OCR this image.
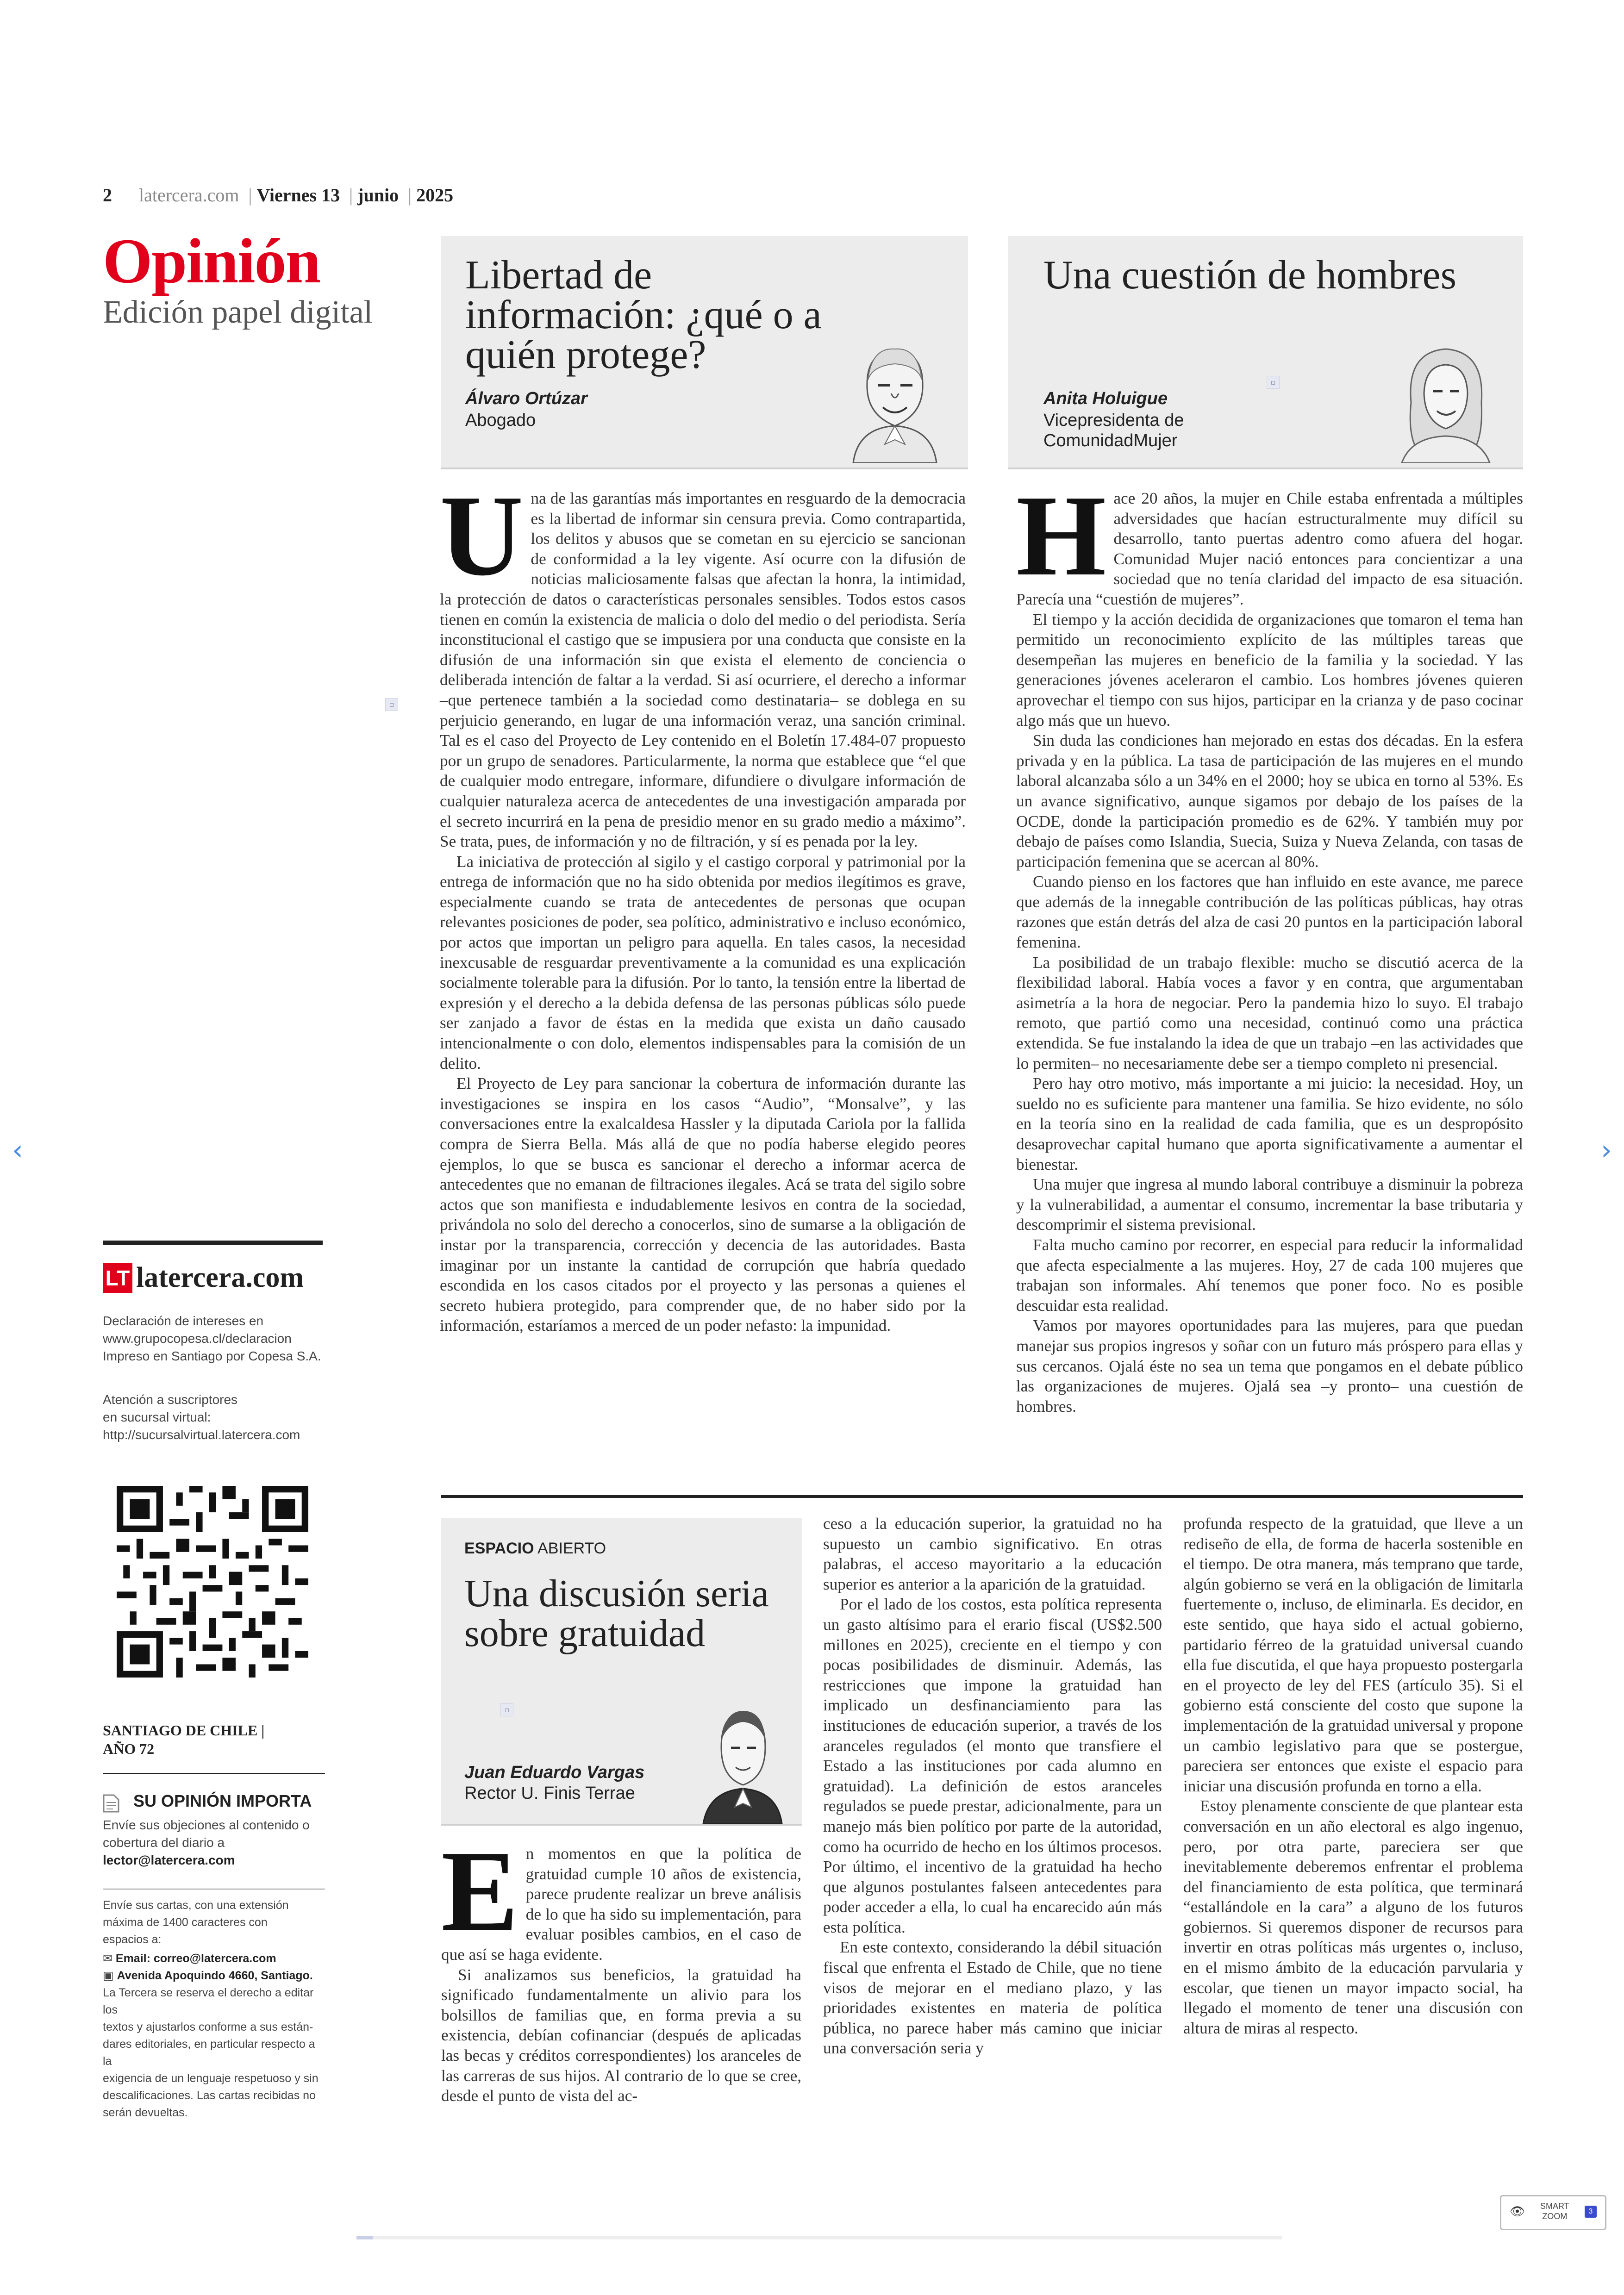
2 latercera.com | Viernes 13 | junio | 2025
Opinión
Edición papel digital
Libertad de información: ¿qué o a quién protege?
Álvaro Ortúzar
Abogado
Una cuestión de hombres
Anita Holuigue
Vicepresidenta de
ComunidadMujer
▫
U na de las garantías más importantes en resguardo de la democracia es la libertad de informar sin censura previa. Como contrapartida, los delitos y abusos que se cometan en su ejercicio se sancionan de conformidad a la ley vigente. Así ocurre con la difusión de noticias maliciosamente falsas que afectan la honra, la intimidad, la protección de datos o características personales sensibles. Todos estos casos tienen en común la existencia de malicia o dolo del medio o del periodista. Sería inconstitucional el castigo que se impusiera por una conducta que consiste en la difusión de una información sin que exista el elemento de conciencia o deliberada intención de faltar a la verdad. Si así ocurriere, el derecho a informar –que pertenece también a la sociedad como destinataria– se doblega en su perjuicio generando, en lugar de una información veraz, una sanción criminal. Tal es el caso del Proyecto de Ley contenido en el Boletín 17.484-07 propuesto por un grupo de senadores. Particularmente, la norma que establece que “el que de cualquier modo entregare, informare, difundiere o divulgare información de cualquier naturaleza acerca de antecedentes de una investigación amparada por el secreto incurrirá en la pena de presidio menor en su grado medio a máximo”. Se trata, pues, de información y no de filtración, y sí es penada por la ley.

La iniciativa de protección al sigilo y el castigo corporal y patrimonial por la entrega de información que no ha sido obtenida por medios ilegítimos es grave, especialmente cuando se trata de antecedentes de personas que ocupan relevantes posiciones de poder, sea político, administrativo e incluso económico, por actos que importan un peligro para aquella. En tales casos, la necesidad inexcusable de resguardar preventivamente a la comunidad es una explicación socialmente tolerable para la difusión. Por lo tanto, la tensión entre la libertad de expresión y el derecho a la debida defensa de las personas públicas sólo puede ser zanjado a favor de éstas en la medida que exista un daño causado intencionalmente o con dolo, elementos indispensables para la comisión de un delito.

El Proyecto de Ley para sancionar la cobertura de información durante las investigaciones se inspira en los casos “Audio”, “Monsalve”, y las conversaciones entre la exalcaldesa Hassler y la diputada Cariola por la fallida compra de Sierra Bella. Más allá de que no podía haberse elegido peores ejemplos, lo que se busca es sancionar el derecho a informar acerca de antecedentes que no emanan de filtraciones ilegales. Acá se trata del sigilo sobre actos que son manifiesta e indudablemente lesivos en contra de la sociedad, privándola no solo del derecho a conocerlos, sino de sumarse a la obligación de instar por la transparencia, corrección y decencia de las autoridades. Basta imaginar por un instante la cantidad de corrupción que habría quedado escondida en los casos citados por el proyecto y las personas a quienes el secreto hubiera protegido, para comprender que, de no haber sido por la información, estaríamos a merced de un poder nefasto: la impunidad.

H ace 20 años, la mujer en Chile estaba enfrentada a múltiples adversidades que hacían estructuralmente muy difícil su desarrollo, tanto puertas adentro como afuera del hogar. Comunidad Mujer nació entonces para concientizar a una sociedad que no tenía claridad del impacto de esa situación. Parecía una “cuestión de mujeres”.

El tiempo y la acción decidida de organizaciones que tomaron el tema han permitido un reconocimiento explícito de las múltiples tareas que desempeñan las mujeres en beneficio de la familia y la sociedad. Y las generaciones jóvenes aceleraron el cambio. Los hombres jóvenes quieren aprovechar el tiempo con sus hijos, participar en la crianza y de paso cocinar algo más que un huevo.

Sin duda las condiciones han mejorado en estas dos décadas. En la esfera privada y en la pública. La tasa de participación de las mujeres en el mundo laboral alcanzaba sólo a un 34% en el 2000; hoy se ubica en torno al 53%. Es un avance significativo, aunque sigamos por debajo de los países de la OCDE, donde la participación promedio es de 62%. Y también muy por debajo de países como Islandia, Suecia, Suiza y Nueva Zelanda, con tasas de participación femenina que se acercan al 80%.

Cuando pienso en los factores que han influido en este avance, me parece que además de la innegable contribución de las políticas públicas, hay otras razones que están detrás del alza de casi 20 puntos en la participación laboral femenina.

La posibilidad de un trabajo flexible: mucho se discutió acerca de la flexibilidad laboral. Había voces a favor y en contra, que argumentaban asimetría a la hora de negociar. Pero la pandemia hizo lo suyo. El trabajo remoto, que partió como una necesidad, continuó como una práctica extendida. Se fue instalando la idea de que un trabajo –en las actividades que lo permiten– no necesariamente debe ser a tiempo completo ni presencial.

Pero hay otro motivo, más importante a mi juicio: la necesidad. Hoy, un sueldo no es suficiente para mantener una familia. Se hizo evidente, no sólo en la teoría sino en la realidad de cada familia, que es un despropósito desaprovechar capital humano que aporta significativamente a aumentar el bienestar.

Una mujer que ingresa al mundo laboral contribuye a disminuir la pobreza y la vulnerabilidad, a aumentar el consumo, incrementar la base tributaria y descomprimir el sistema previsional.

Falta mucho camino por recorrer, en especial para reducir la informalidad que afecta especialmente a las mujeres. Hoy, 27 de cada 100 mujeres que trabajan son informales. Ahí tenemos que poner foco. No es posible descuidar esta realidad.

Vamos por mayores oportunidades para las mujeres, para que puedan manejar sus propios ingresos y soñar con un futuro más próspero para ellas y sus cercanos. Ojalá éste no sea un tema que pongamos en el debate público las organizaciones de mujeres. Ojalá sea –y pronto– una cuestión de hombres.

▫
ESPACIO ABIERTO
Una discusión seria sobre gratuidad
▫
Juan Eduardo Vargas
Rector U. Finis Terrae
E n momentos en que la política de gratuidad cumple 10 años de existencia, parece prudente realizar un breve análisis de lo que ha sido su implementación, para evaluar posibles cambios, en el caso de que así se haga evidente.

Si analizamos sus beneficios, la gratuidad ha significado fundamentalmente un alivio para los bolsillos de familias que, en forma previa a su existencia, debían cofinanciar (después de aplicadas las becas y créditos correspondientes) los aranceles de las carreras de sus hijos. Al contrario de lo que se cree, desde el punto de vista del ac-

ceso a la educación superior, la gratuidad no ha supuesto un cambio significativo. En otras palabras, el acceso mayoritario a la educación superior es anterior a la aparición de la gratuidad.

Por el lado de los costos, esta política representa un gasto altísimo para el erario fiscal (US$2.500 millones en 2025), creciente en el tiempo y con pocas posibilidades de disminuir. Además, las restricciones que impone la gratuidad han implicado un desfinanciamiento para las instituciones de educación superior, a través de los aranceles regulados (el monto que transfiere el Estado a las instituciones por cada alumno en gratuidad). La definición de estos aranceles regulados se puede prestar, adicionalmente, para un manejo más bien político por parte de la autoridad, como ha ocurrido de hecho en los últimos procesos. Por último, el incentivo de la gratuidad ha hecho que algunos postulantes falseen antecedentes para poder acceder a ella, lo cual ha encarecido aún más esta política.

En este contexto, considerando la débil situación fiscal que enfrenta el Estado de Chile, que no tiene visos de mejorar en el mediano plazo, y las prioridades existentes en materia de política pública, no parece haber más camino que iniciar una conversación seria y

profunda respecto de la gratuidad, que lleve a un rediseño de ella, de forma de hacerla sostenible en el tiempo. De otra manera, más temprano que tarde, algún gobierno se verá en la obligación de limitarla fuertemente o, incluso, de eliminarla. Es decidor, en este sentido, que haya sido el actual gobierno, partidario férreo de la gratuidad universal cuando ella fue discutida, el que haya propuesto postergarla en el proyecto de ley del FES (artículo 35). Si el gobierno está consciente del costo que supone la implementación de la gratuidad universal y propone un cambio legislativo para que se postergue, pareciera ser entonces que existe el espacio para iniciar una discusión profunda en torno a ella.

Estoy plenamente consciente de que plantear esta conversación en un año electoral es algo ingenuo, pero, por otra parte, pareciera ser que inevitablemente deberemos enfrentar el problema del financiamiento de esta política, que terminará “estallándole en la cara” a alguno de los futuros gobiernos. Si queremos disponer de recursos para invertir en otras políticas más urgentes o, incluso, en el mismo ámbito de la educación parvularia y escolar, que tienen un mayor impacto social, ha llegado el momento de tener una discusión con altura de miras al respecto.

LT latercera.com
Declaración de intereses en
www.grupocopesa.cl/declaracion
Impreso en Santiago por Copesa S.A.
Atención a suscriptores
en sucursal virtual:
http://sucursalvirtual.latercera.com
SANTIAGO DE CHILE |
AÑO 72
SU OPINIÓN IMPORTA
Envíe sus objeciones al contenido o
cobertura del diario a
lector@latercera.com
Envíe sus cartas, con una extensión
máxima de 1400 caracteres con
espacios a:
✉ Email: correo@latercera.com
▣ Avenida Apoquindo 4660, Santiago.
La Tercera se reserva el derecho a editar los
textos y ajustarlos conforme a sus están-
dares editoriales, en particular respecto a la
exigencia de un lenguaje respetuoso y sin
descalificaciones. Las cartas recibidas no
serán devueltas.
‹	›
👁 SMART
ZOOM
3
